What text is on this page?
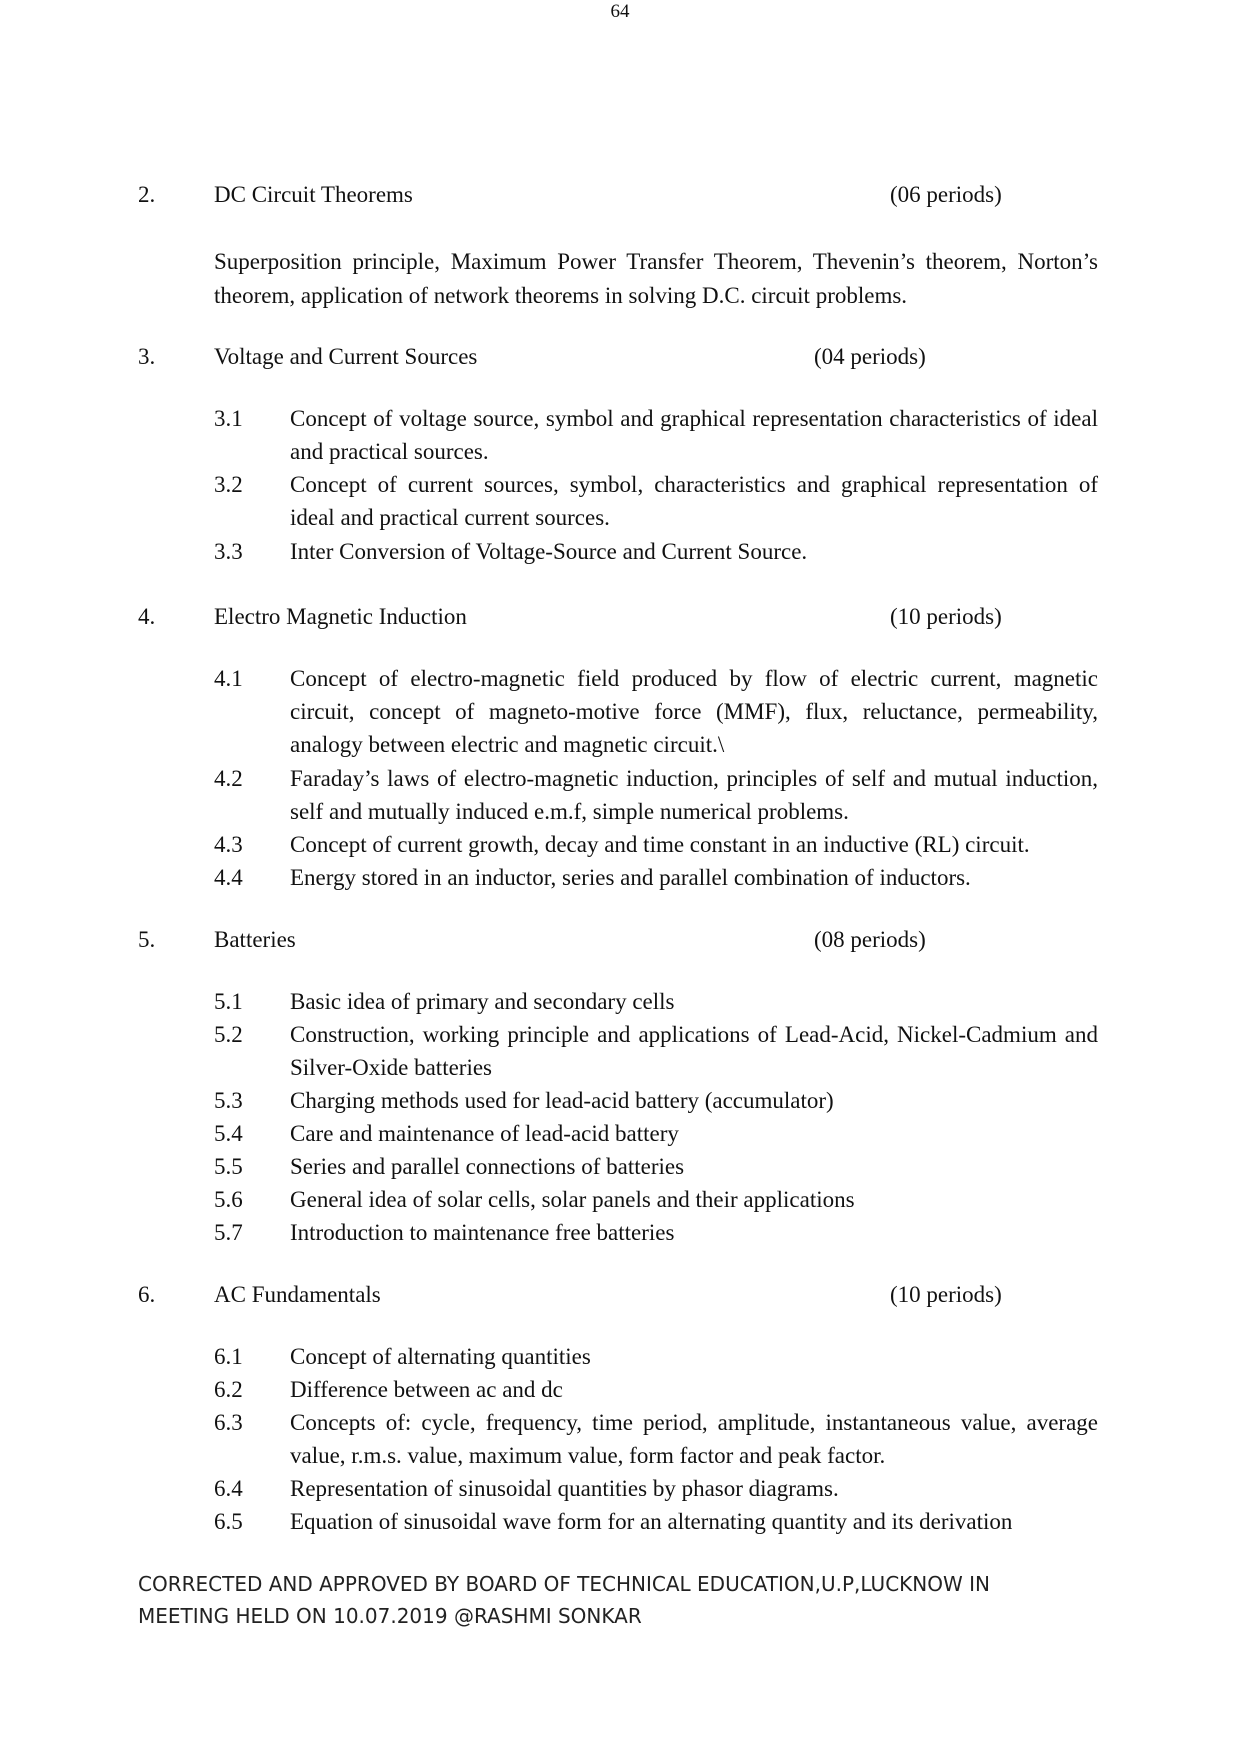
64
2.	DC Circuit Theorems	(06 periods)
Superposition principle, Maximum Power Transfer Theorem, Thevenin’s theorem, Norton’s theorem, application of network theorems in solving D.C. circuit problems.
3.	Voltage and Current Sources	(04 periods)
3.1	Concept of voltage source, symbol and graphical representation characteristics of ideal and practical sources.
3.2	Concept of current sources, symbol, characteristics and graphical representation of ideal and practical current sources.
3.3	Inter Conversion of Voltage-Source and Current Source.
4.	Electro Magnetic Induction	(10 periods)
4.1	Concept of electro-magnetic field produced by flow of electric current, magnetic circuit, concept of magneto-motive force (MMF), flux, reluctance, permeability, analogy between electric and magnetic circuit.\
4.2	Faraday’s laws of electro-magnetic induction, principles of self and mutual induction, self and mutually induced e.m.f, simple numerical problems.
4.3	Concept of current growth, decay and time constant in an inductive (RL) circuit.
4.4	Energy stored in an inductor, series and parallel combination of inductors.
5.	Batteries	(08 periods)
5.1	Basic idea of primary and secondary cells
5.2	Construction, working principle and applications of Lead-Acid, Nickel-Cadmium and Silver-Oxide batteries
5.3	Charging methods used for lead-acid battery (accumulator)
5.4	Care and maintenance of lead-acid battery
5.5	Series and parallel connections of batteries
5.6	General idea of solar cells, solar panels and their applications
5.7	Introduction to maintenance free batteries
6.	AC Fundamentals	(10 periods)
6.1	Concept of alternating quantities
6.2	Difference between ac and dc
6.3	Concepts of: cycle, frequency, time period, amplitude, instantaneous value, average value, r.m.s. value, maximum value, form factor and peak factor.
6.4	Representation of sinusoidal quantities by phasor diagrams.
6.5	Equation of sinusoidal wave form for an alternating quantity and its derivation
CORRECTED AND APPROVED BY BOARD OF TECHNICAL EDUCATION,U.P,LUCKNOW IN
MEETING HELD ON 10.07.2019 @RASHMI SONKAR
